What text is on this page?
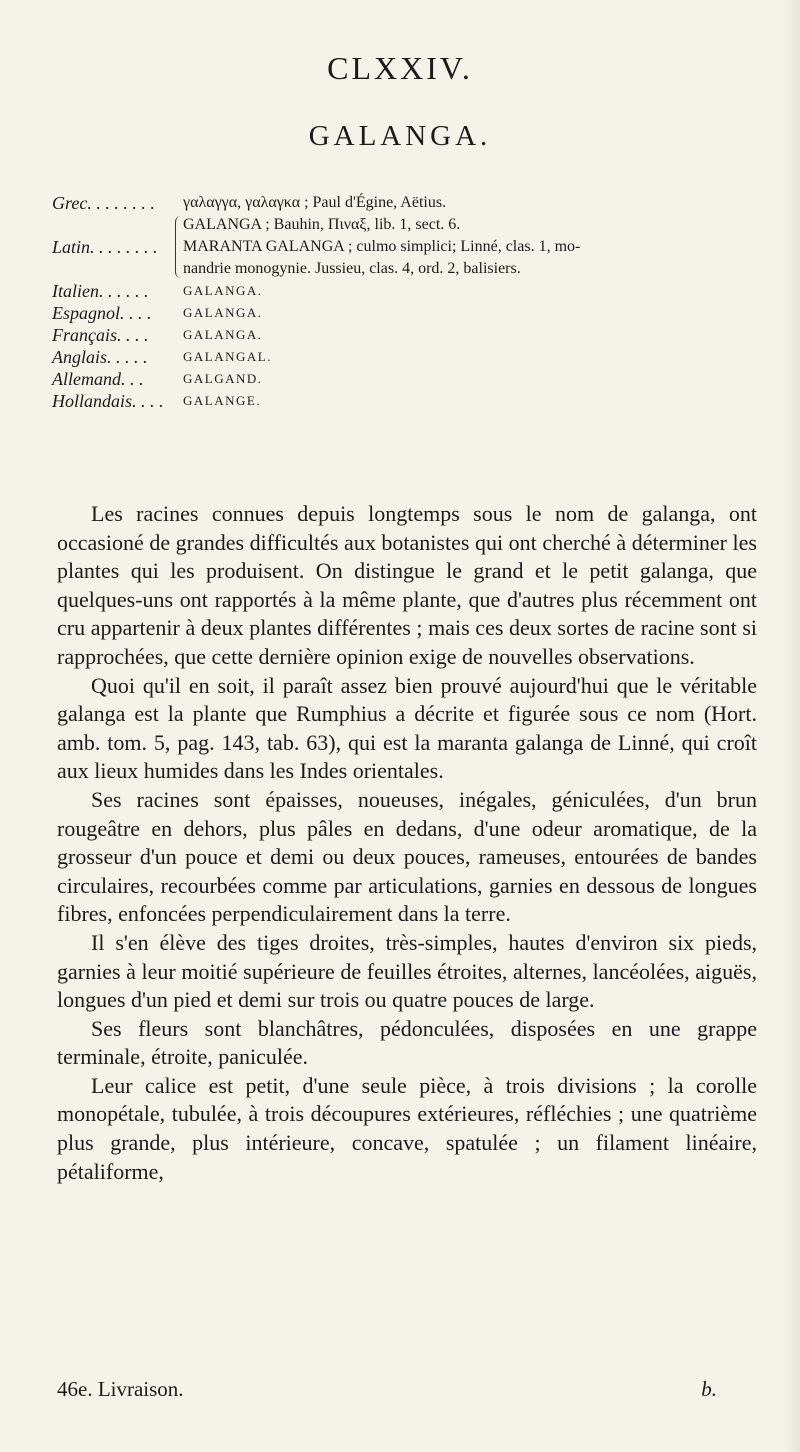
CLXXIV.
GALANGA.
Grec. . . . . . . .	γαλαγγα, γαλαγκα ; Paul d'Égine, Aëtius.
Latin. . . . . . . .
GALANGA ; Bauhin, Πιναξ, lib. 1, sect. 6.
MARANTA GALANGA ; culmo simplici; Linné, clas. 1, mo-
nandrie monogynie. Jussieu, clas. 4, ord. 2, balisiers.
Italien. . . . . .	GALANGA.
Espagnol. . . .	GALANGA.
Français. . . .	GALANGA.
Anglais. . . . .	GALANGAL.
Allemand. . .	GALGAND.
Hollandais. . . .	GALANGE.

Les racines connues depuis longtemps sous le nom de galanga, ont occasioné de grandes difficultés aux botanistes qui ont cherché à déterminer les plantes qui les produisent. On distingue le grand et le petit galanga, que quelques-uns ont rapportés à la même plante, que d'autres plus récemment ont cru appartenir à deux plantes différentes ; mais ces deux sortes de racine sont si rapprochées, que cette dernière opinion exige de nouvelles observations.

Quoi qu'il en soit, il paraît assez bien prouvé aujourd'hui que le véritable galanga est la plante que Rumphius a décrite et figurée sous ce nom (Hort. amb. tom. 5, pag. 143, tab. 63), qui est la maranta galanga de Linné, qui croît aux lieux humides dans les Indes orientales.

Ses racines sont épaisses, noueuses, inégales, géniculées, d'un brun rougeâtre en dehors, plus pâles en dedans, d'une odeur aromatique, de la grosseur d'un pouce et demi ou deux pouces, rameuses, entourées de bandes circulaires, recourbées comme par articulations, garnies en dessous de longues fibres, enfoncées perpendiculairement dans la terre.

Il s'en élève des tiges droites, très-simples, hautes d'environ six pieds, garnies à leur moitié supérieure de feuilles étroites, alternes, lancéolées, aiguës, longues d'un pied et demi sur trois ou quatre pouces de large.

Ses fleurs sont blanchâtres, pédonculées, disposées en une grappe terminale, étroite, paniculée.

Leur calice est petit, d'une seule pièce, à trois divisions ; la corolle monopétale, tubulée, à trois découpures extérieures, réfléchies ; une quatrième plus grande, plus intérieure, concave, spatulée ; un filament linéaire, pétaliforme,

46e. Livraison.	b.
